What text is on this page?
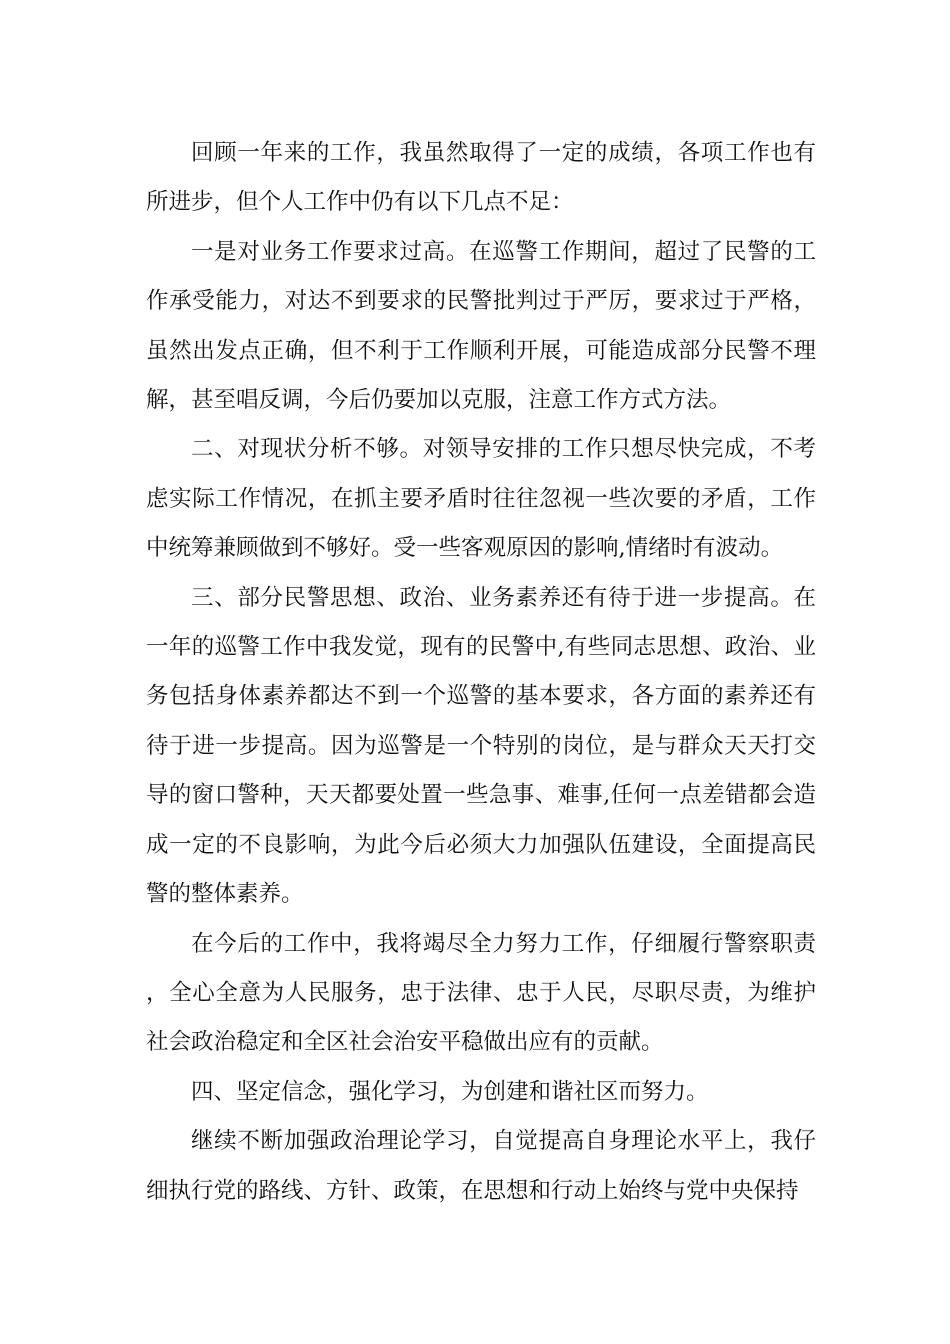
回顾一年来的工作，我虽然取得了一定的成绩，各项工作也有所进步，但个人工作中仍有以下几点不足：

一是对业务工作要求过高。在巡警工作期间，超过了民警的工作承受能力，对达不到要求的民警批判过于严厉，要求过于严格，虽然出发点正确，但不利于工作顺利开展，可能造成部分民警不理解，甚至唱反调，今后仍要加以克服，注意工作方式方法。

二、对现状分析不够。对领导安排的工作只想尽快完成，不考虑实际工作情况，在抓主要矛盾时往往忽视一些次要的矛盾，工作中统筹兼顾做到不够好。受一些客观原因的影响,情绪时有波动。

三、部分民警思想、政治、业务素养还有待于进一步提高。在一年的巡警工作中我发觉，现有的民警中,有些同志思想、政治、业务包括身体素养都达不到一个巡警的基本要求，各方面的素养还有待于进一步提高。因为巡警是一个特别的岗位，是与群众天天打交导的窗口警种，天天都要处置一些急事、难事,任何一点差错都会造成一定的不良影响，为此今后必须大力加强队伍建设，全面提高民警的整体素养。

在今后的工作中，我将竭尽全力努力工作，仔细履行警察职责，全心全意为人民服务，忠于法律、忠于人民，尽职尽责，为维护社会政治稳定和全区社会治安平稳做出应有的贡献。

四、坚定信念，强化学习，为创建和谐社区而努力。

继续不断加强政治理论学习，自觉提高自身理论水平上，我仔细执行党的路线、方针、政策，在思想和行动上始终与党中央保持
